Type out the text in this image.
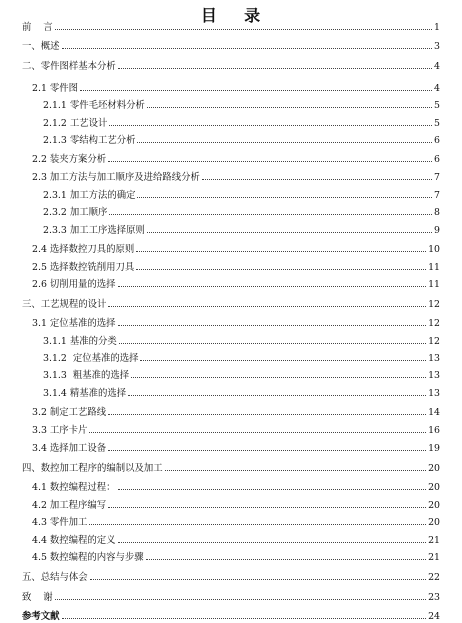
目    录
前    言	1
一、概述	3
二、零件图样基本分析	4
2.1 零件图	4
2.1.1 零件毛坯材料分析	5
2.1.2 工艺设计	5
2.1.3 零结构工艺分析	6
2.2 装夹方案分析	6
2.3 加工方法与加工顺序及进给路线分析	7
2.3.1 加工方法的确定	7
2.3.2 加工顺序	8
2.3.3 加工工序选择原则	9
2.4 选择数控刀具的原则	10
2.5 选择数控铣削用刀具	11
2.6 切削用量的选择	11
三、工艺规程的设计	12
3.1 定位基准的选择	12
3.1.1 基准的分类	12
3.1.2  定位基准的选择	13
3.1.3  粗基准的选择	13
3.1.4 精基准的选择	13
3.2 制定工艺路线	14
3.3 工序卡片	16
3.4 选择加工设备	19
四、数控加工程序的编制以及加工	20
4.1 数控编程过程：	20
4.2 加工程序编写	20
4.3 零件加工	20
4.4 数控编程的定义	21
4.5 数控编程的内容与步骤	21
五、总结与体会	22
致    谢	23
参考文献	24
